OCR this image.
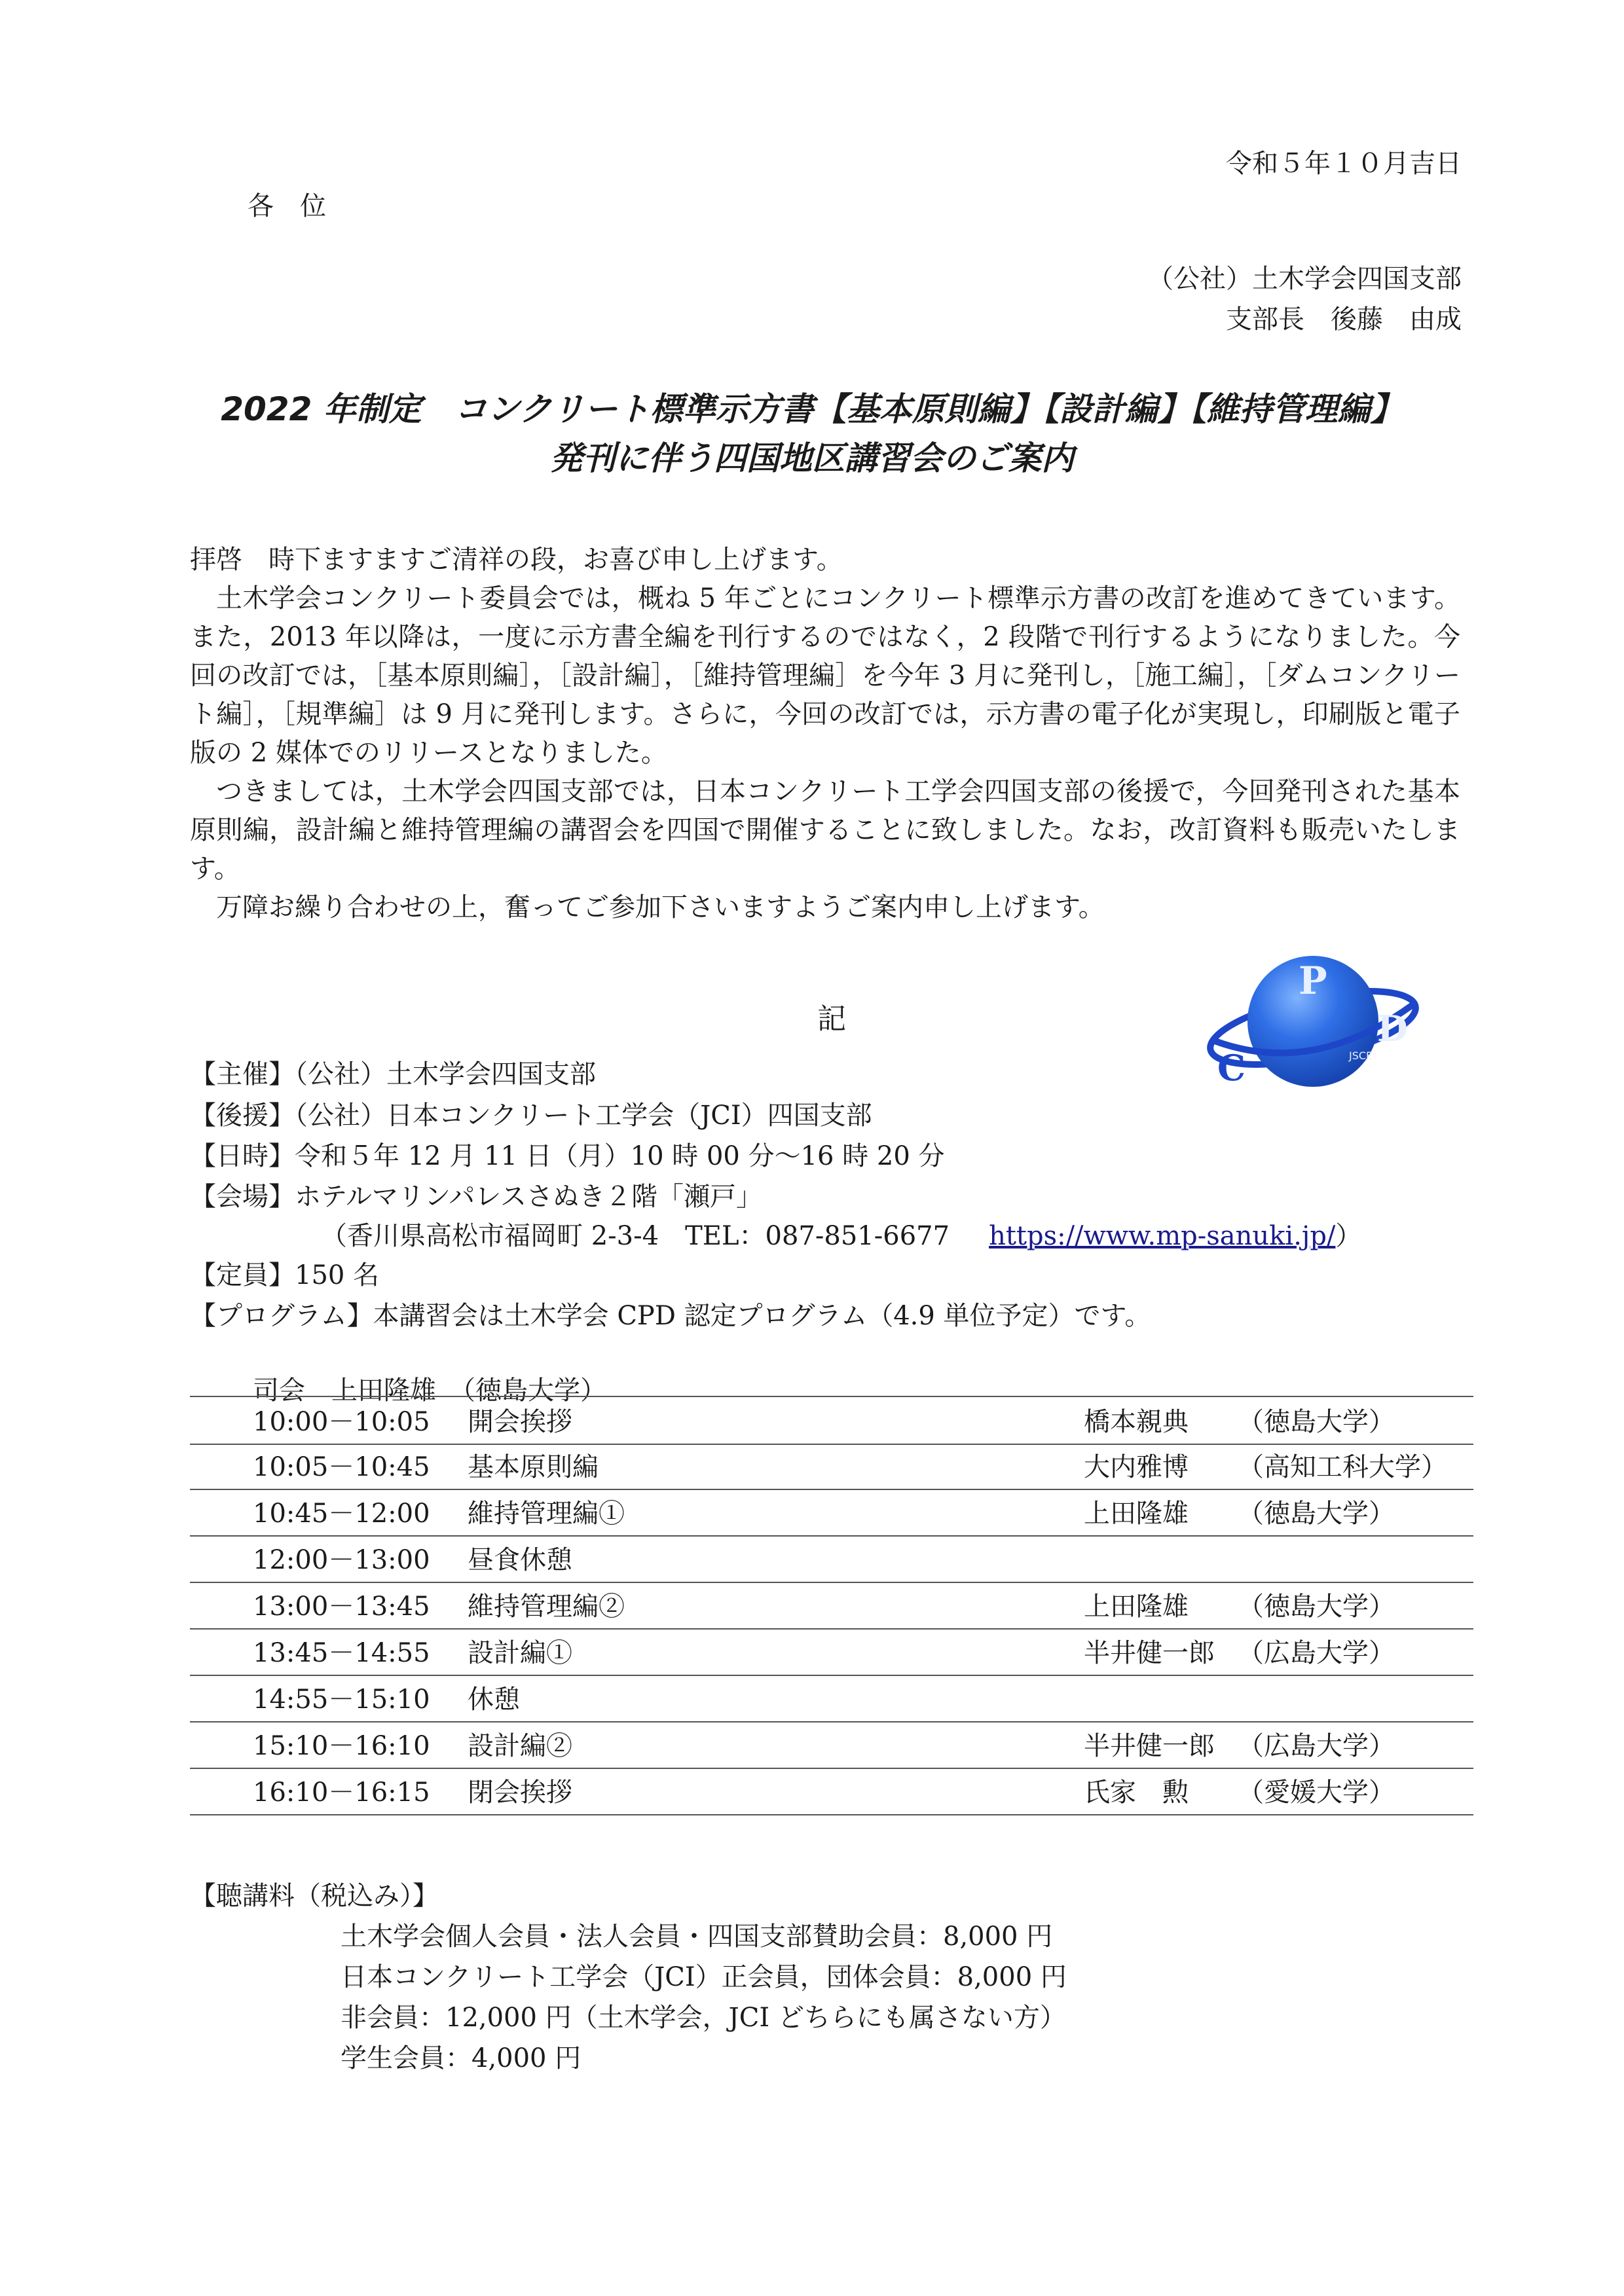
令和５年１０月吉日
各　位
（公社）土木学会四国支部
支部長　後藤　由成
2022 年制定　コンクリート標準示方書【基本原則編】【設計編】【維持管理編】
発刊に伴う四国地区講習会のご案内

拝啓　時下ますますご清祥の段，お喜び申し上げます。

土木学会コンクリート委員会では，概ね 5 年ごとにコンクリート標準示方書の改訂を進めてきています。また，2013 年以降は，一度に示方書全編を刊行するのではなく，2 段階で刊行するようになりました。今回の改訂では，［基本原則編］，［設計編］，［維持管理編］を今年 3 月に発刊し，［施工編］，［ダムコンクリート編］，［規準編］は 9 月に発刊します。さらに，今回の改訂では，示方書の電子化が実現し，印刷版と電子版の 2 媒体でのリリースとなりました。

つきましては，土木学会四国支部では，日本コンクリート工学会四国支部の後援で，今回発刊された基本原則編，設計編と維持管理編の講習会を四国で開催することに致しました。なお，改訂資料も販売いたします。

万障お繰り合わせの上，奮ってご参加下さいますようご案内申し上げます。

記
P
C
D
JSCE
【主催】（公社）土木学会四国支部
【後援】（公社）日本コンクリート工学会（JCI）四国支部
【日時】令和５年 12 月 11 日（月）10 時 00 分～16 時 20 分
【会場】ホテルマリンパレスさぬき２階「瀬戸」
（香川県高松市福岡町 2-3-4　TEL：087-851-6677 https://www.mp-sanuki.jp/）
【定員】150 名
【プログラム】本講習会は土木学会 CPD 認定プログラム（4.9 単位予定）です。
司会　上田隆雄　（徳島大学）
10:00－10:05 開会挨拶	橋本親典 （徳島大学）
10:05－10:45 基本原則編	大内雅博 （高知工科大学）
10:45－12:00 維持管理編①	上田隆雄 （徳島大学）
12:00－13:00 昼食休憩
13:00－13:45 維持管理編②	上田隆雄 （徳島大学）
13:45－14:55 設計編①	半井健一郎 （広島大学）
14:55－15:10 休憩
15:10－16:10 設計編②	半井健一郎 （広島大学）
16:10－16:15 閉会挨拶	氏家　勲 （愛媛大学）
【聴講料（税込み）】
土木学会個人会員・法人会員・四国支部賛助会員：8,000 円
日本コンクリート工学会（JCI）正会員，団体会員：8,000 円
非会員：12,000 円（土木学会，JCI どちらにも属さない方）
学生会員：4,000 円
